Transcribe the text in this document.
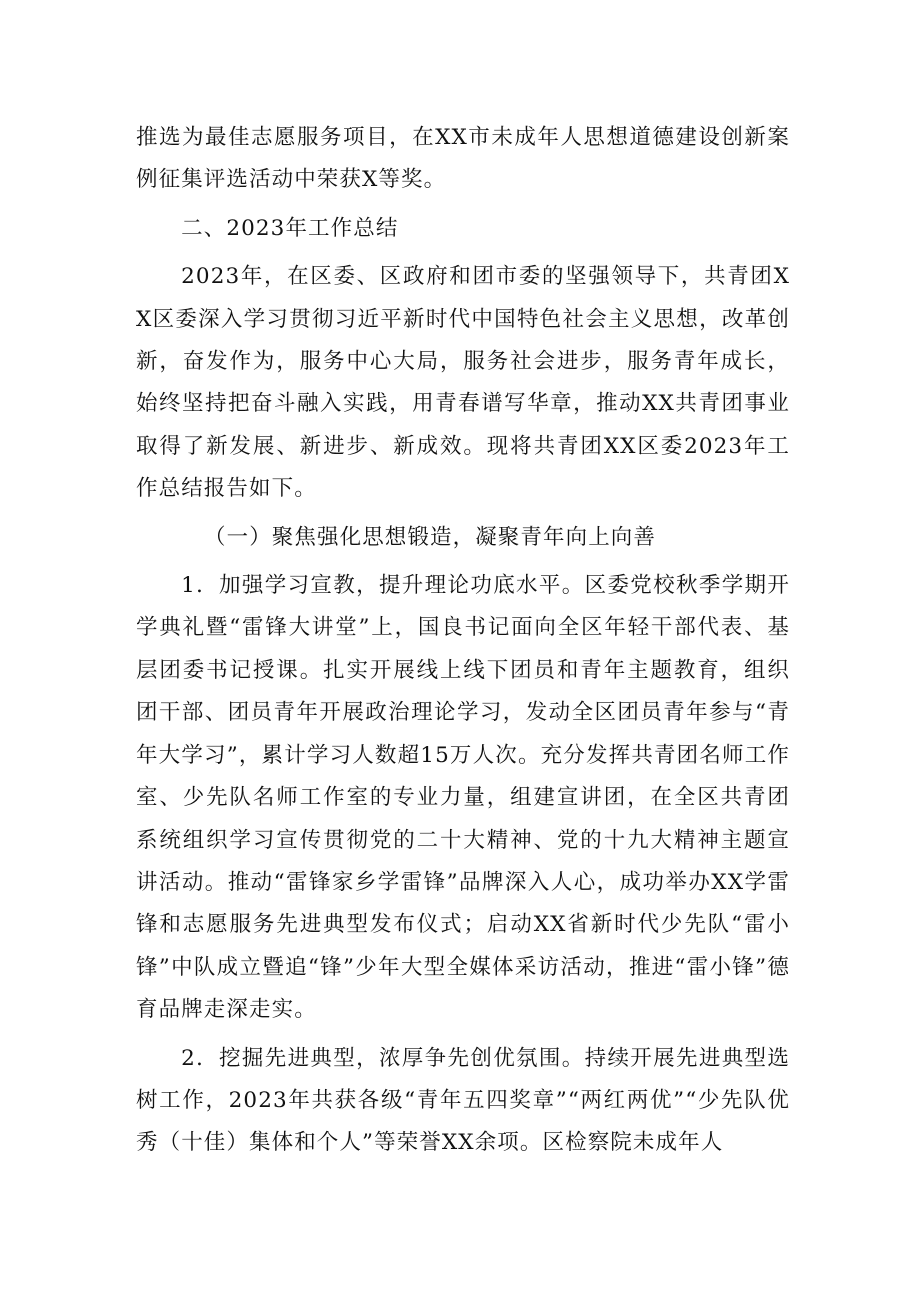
推选为最佳志愿服务项目，在XX市未成年人思想道德建设创新案例征集评选活动中荣获X等奖。

二、2023年工作总结

2023年，在区委、区政府和团市委的坚强领导下，共青团XX区委深入学习贯彻习近平新时代中国特色社会主义思想，改革创新，奋发作为，服务中心大局，服务社会进步，服务青年成长，始终坚持把奋斗融入实践，用青春谱写华章，推动XX共青团事业取得了新发展、新进步、新成效。现将共青团XX区委2023年工作总结报告如下。

（一）聚焦强化思想锻造，凝聚青年向上向善

1．加强学习宣教，提升理论功底水平。区委党校秋季学期开学典礼暨“雷锋大讲堂”上，国良书记面向全区年轻干部代表、基层团委书记授课。扎实开展线上线下团员和青年主题教育，组织团干部、团员青年开展政治理论学习，发动全区团员青年参与“青年大学习”，累计学习人数超15万人次。充分发挥共青团名师工作室、少先队名师工作室的专业力量，组建宣讲团，在全区共青团系统组织学习宣传贯彻党的二十大精神、党的十九大精神主题宣讲活动。推动“雷锋家乡学雷锋”品牌深入人心，成功举办XX学雷锋和志愿服务先进典型发布仪式；启动XX省新时代少先队“雷小锋”中队成立暨追“锋”少年大型全媒体采访活动，推进“雷小锋”德育品牌走深走实。

2．挖掘先进典型，浓厚争先创优氛围。持续开展先进典型选树工作，2023年共获各级“青年五四奖章”“两红两优”“少先队优秀（十佳）集体和个人”等荣誉XX余项。区检察院未成年人
